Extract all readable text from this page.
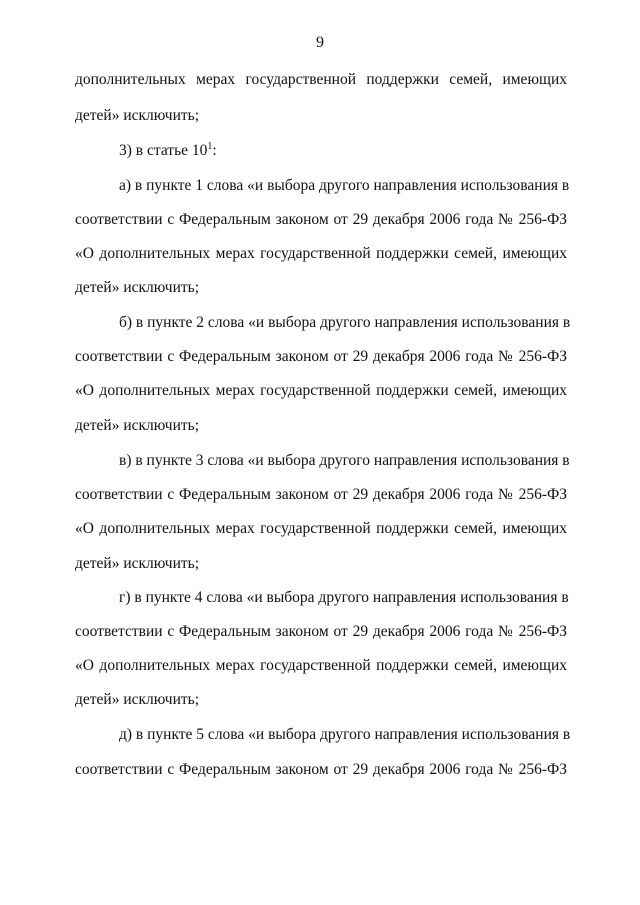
9
дополнительных мерах государственной поддержки семей, имеющих
детей» исключить;
3) в статье $10^1$:
а) в пункте 1 слова «и выбора другого направления использования в
соответствии с Федеральным законом от 29 декабря 2006 года № 256-ФЗ
«О дополнительных мерах государственной поддержки семей, имеющих
детей» исключить;
б) в пункте 2 слова «и выбора другого направления использования в
соответствии с Федеральным законом от 29 декабря 2006 года № 256-ФЗ
«О дополнительных мерах государственной поддержки семей, имеющих
детей» исключить;
в) в пункте 3 слова «и выбора другого направления использования в
соответствии с Федеральным законом от 29 декабря 2006 года № 256-ФЗ
«О дополнительных мерах государственной поддержки семей, имеющих
детей» исключить;
г) в пункте 4 слова «и выбора другого направления использования в
соответствии с Федеральным законом от 29 декабря 2006 года № 256-ФЗ
«О дополнительных мерах государственной поддержки семей, имеющих
детей» исключить;
д) в пункте 5 слова «и выбора другого направления использования в
соответствии с Федеральным законом от 29 декабря 2006 года № 256-ФЗ
